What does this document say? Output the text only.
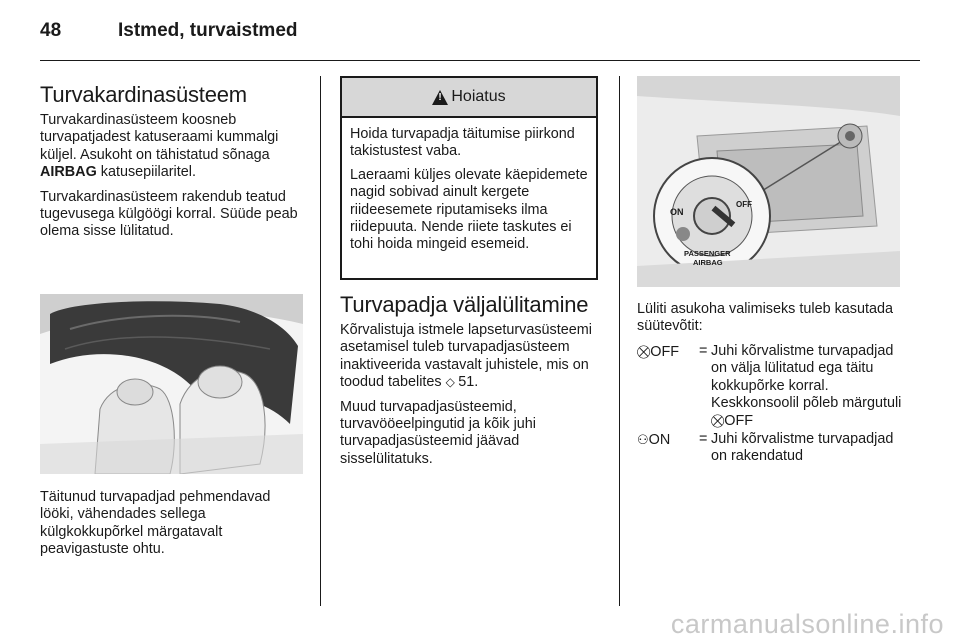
48	Istmed, turvaistmed
Turvakardinasüsteem

Turvakardinasüsteem koosneb turvapatjadest katuseraami kummalgi küljel. Asukoht on tähistatud sõnaga AIRBAG katusepiilaritel.

Turvakardinasüsteem rakendub teatud tugevusega külgöögi korral. Süüde peab olema sisse lülitatud.

Täitunud turvapadjad pehmendavad lööki, vähendades sellega külgkokkupõrkel märgatavalt peavigastuste ohtu.

! Hoiatus

Hoida turvapadja täitumise piirkond takistustest vaba.

Laeraami küljes olevate käepidemete nagid sobivad ainult kergete riideesemete riputamiseks ilma riidepuuta. Nende riiete taskutes ei tohi hoida mingeid esemeid.

Turvapadja väljalülitamine

Kõrvalistuja istmele lapseturvasüsteemi asetamisel tuleb turvapadjasüsteem inaktiveerida vastavalt juhistele, mis on toodud tabelites ◇ 51.

Muud turvapadjasüsteemid, turvavööeelpingutid ja kõik juhi turvapadjasüsteemid jäävad sisselülitatuks.

ON
OFF
PASSENGER
AIRBAG

Lüliti asukoha valimiseks tuleb kasutada süütevõtit:

⛒OFF	= Juhi kõrvalistme turvapadjad on välja lülitatud ega täitu kokkupõrke korral. Keskkonsoolil põleb märgutuli ⛒OFF
⚇ON	= Juhi kõrvalistme turvapadjad on rakendatud
carmanualsonline.info
